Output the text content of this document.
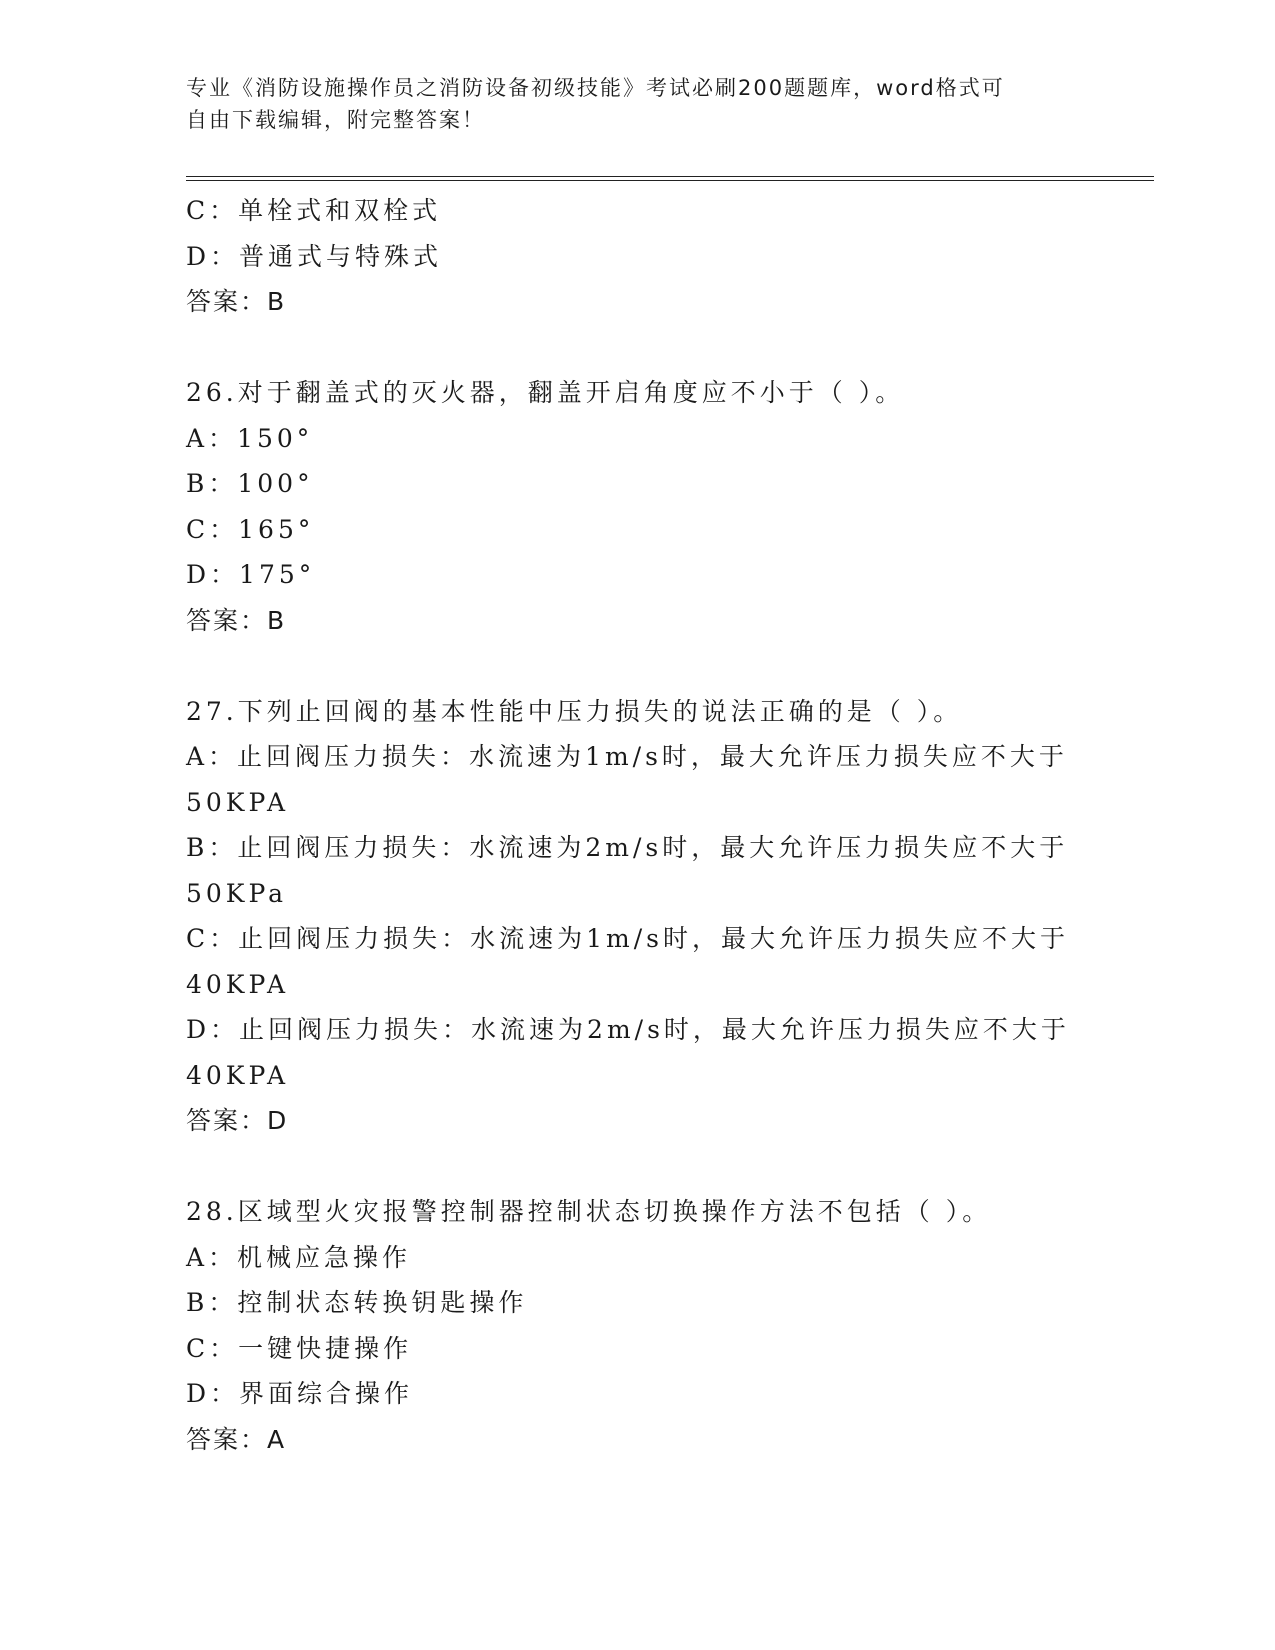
专业《消防设施操作员之消防设备初级技能》考试必刷200题题库，word格式可
自由下载编辑，附完整答案！
C：单栓式和双栓式
D：普通式与特殊式
答案：B
26.对于翻盖式的灭火器，翻盖开启角度应不小于（ ）。
A：150°
B：100°
C：165°
D：175°
答案：B
27.下列止回阀的基本性能中压力损失的说法正确的是（ ）。
A：止回阀压力损失：水流速为1m/s时，最大允许压力损失应不大于
50KPA
B：止回阀压力损失：水流速为2m/s时，最大允许压力损失应不大于
50KPa
C：止回阀压力损失：水流速为1m/s时，最大允许压力损失应不大于
40KPA
D：止回阀压力损失：水流速为2m/s时，最大允许压力损失应不大于
40KPA
答案：D
28.区域型火灾报警控制器控制状态切换操作方法不包括（ ）。
A：机械应急操作
B：控制状态转换钥匙操作
C：一键快捷操作
D：界面综合操作
答案：A
